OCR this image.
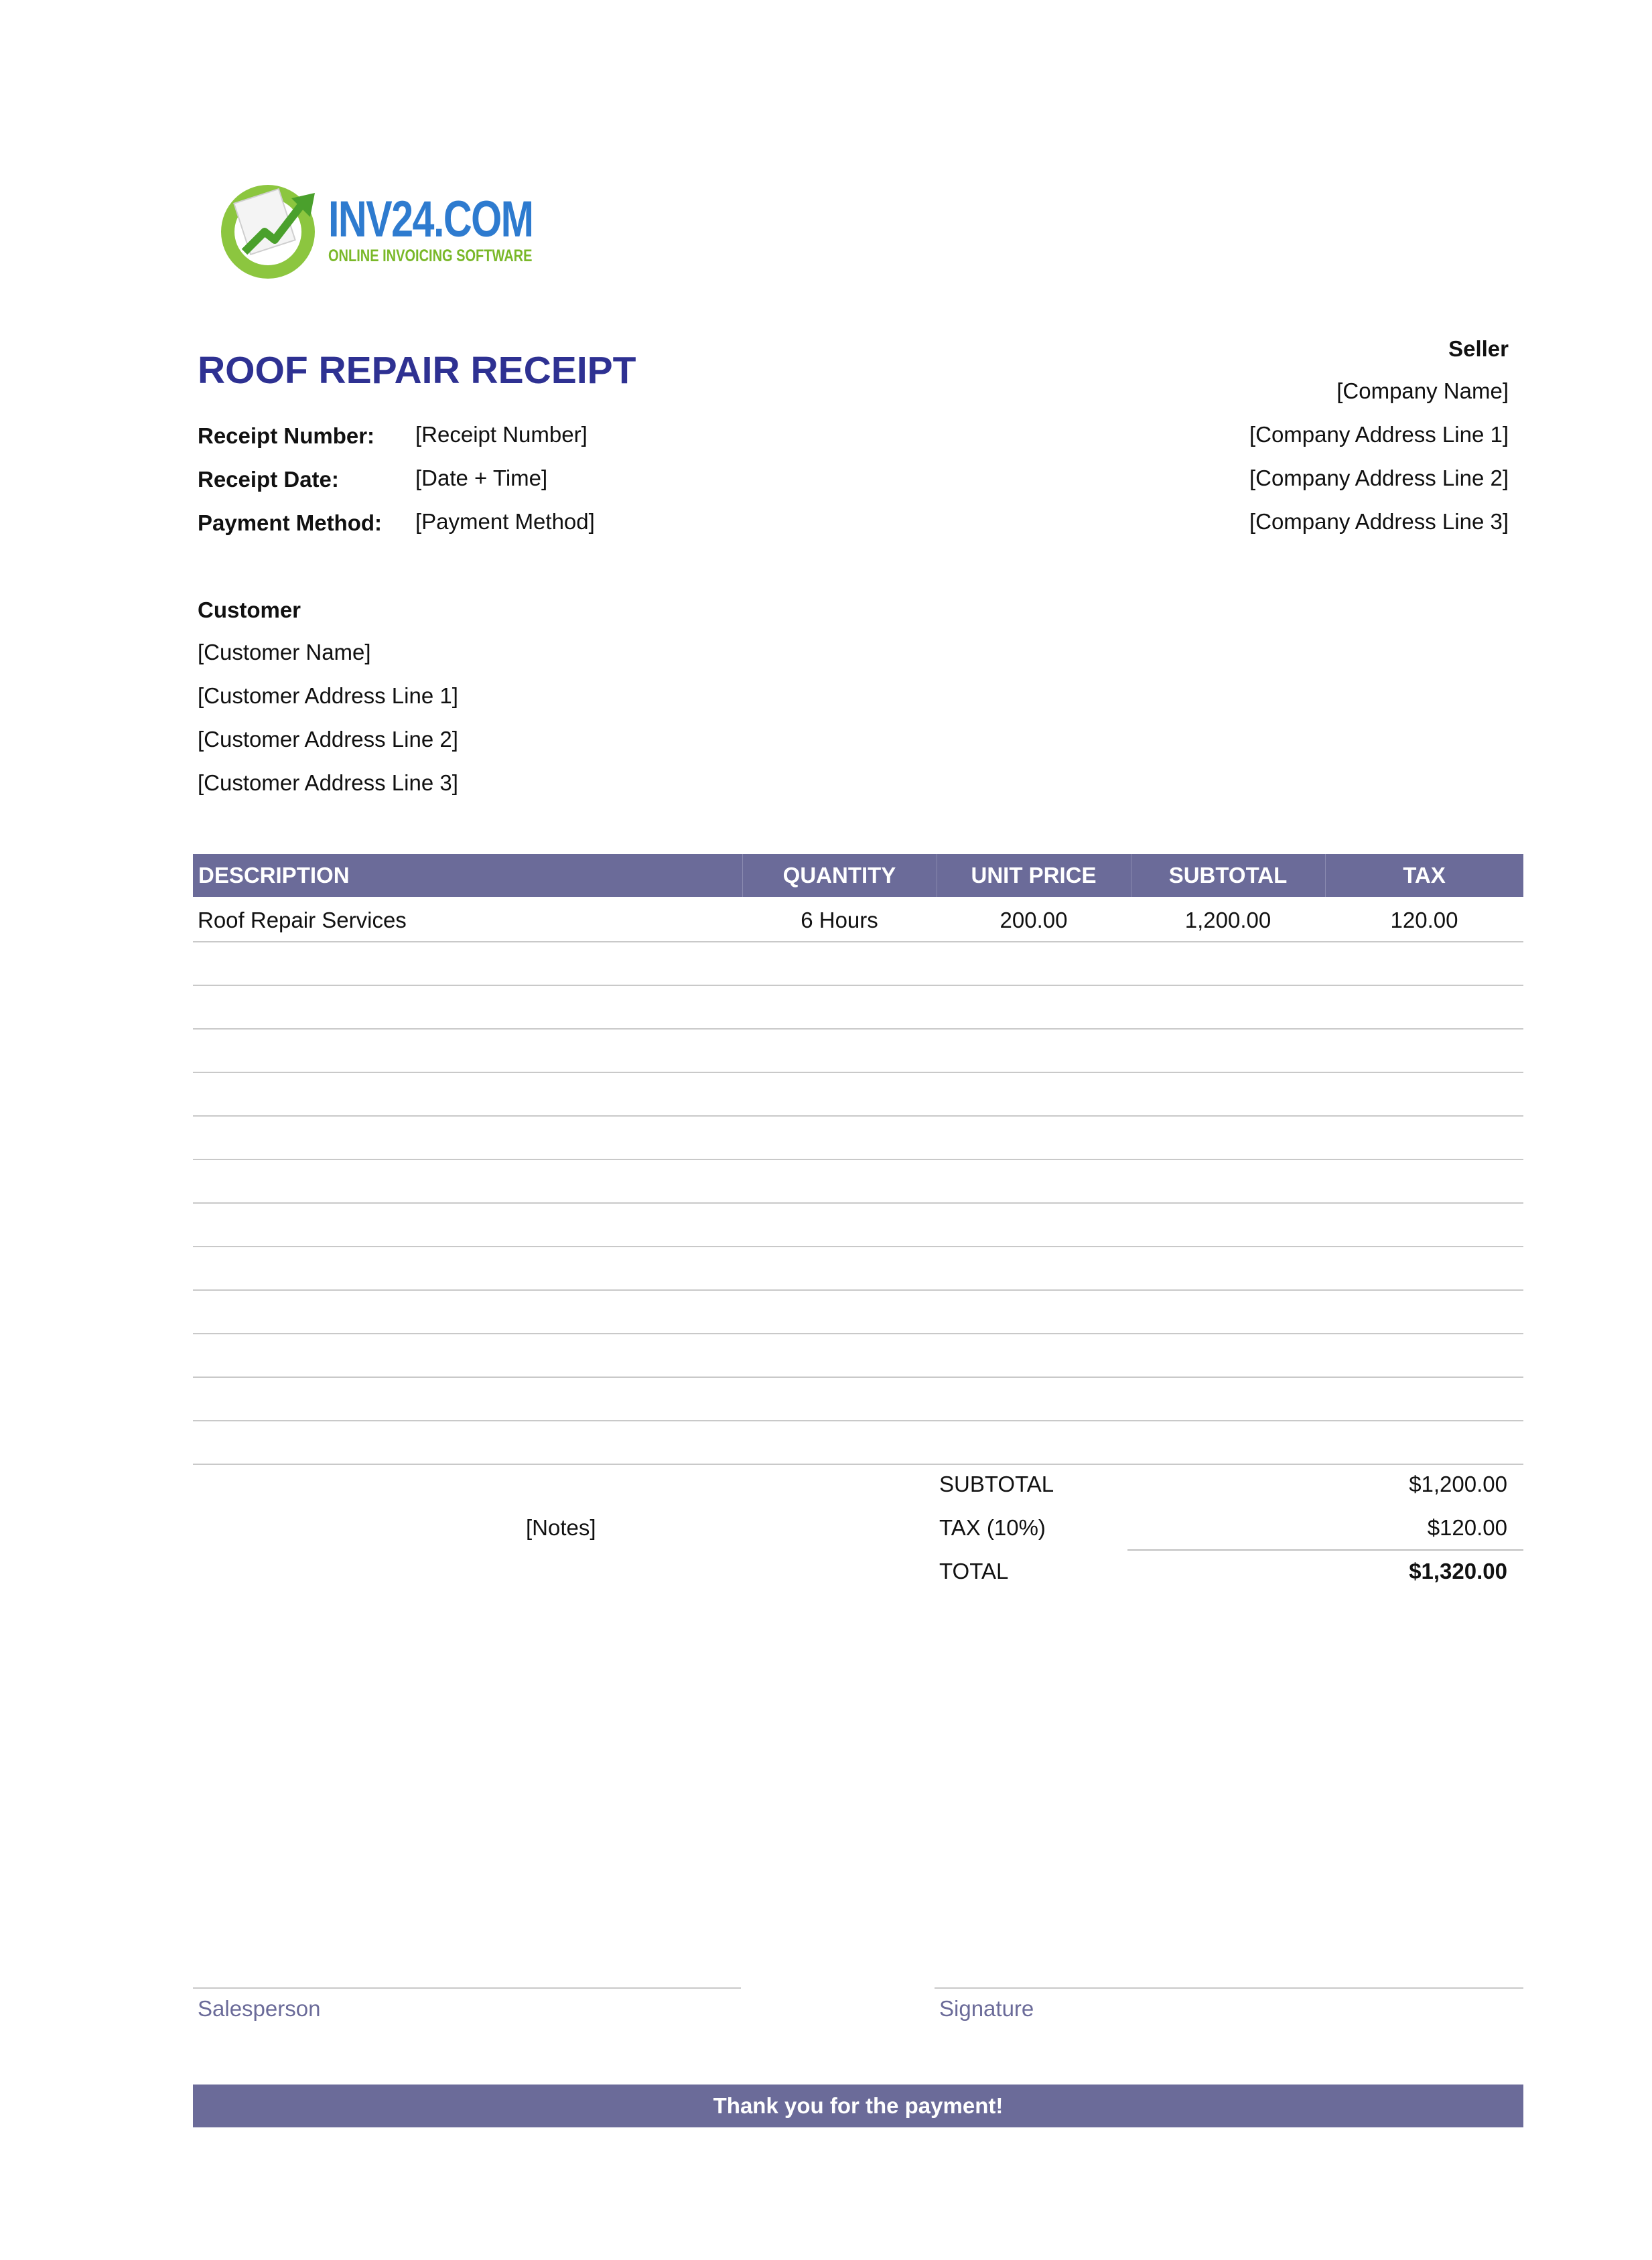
INV24.COM
ONLINE INVOICING SOFTWARE
ROOF REPAIR RECEIPT
Receipt Number: [Receipt Number]
Receipt Date:	[Date + Time]
Payment Method: [Payment Method]
Seller
[Company Name]
[Company Address Line 1]
[Company Address Line 2]
[Company Address Line 3]
Customer
[Customer Name]
[Customer Address Line 1]
[Customer Address Line 2]
[Customer Address Line 3]
DESCRIPTION	QUANTITY	UNIT PRICE	SUBTOTAL	TAX
Roof Repair Services	6 Hours	200.00	1,200.00	120.00
[Notes]
SUBTOTAL	$1,200.00
TAX (10%)	$120.00
TOTAL	$1,320.00
Salesperson	Signature
Thank you for the payment!
